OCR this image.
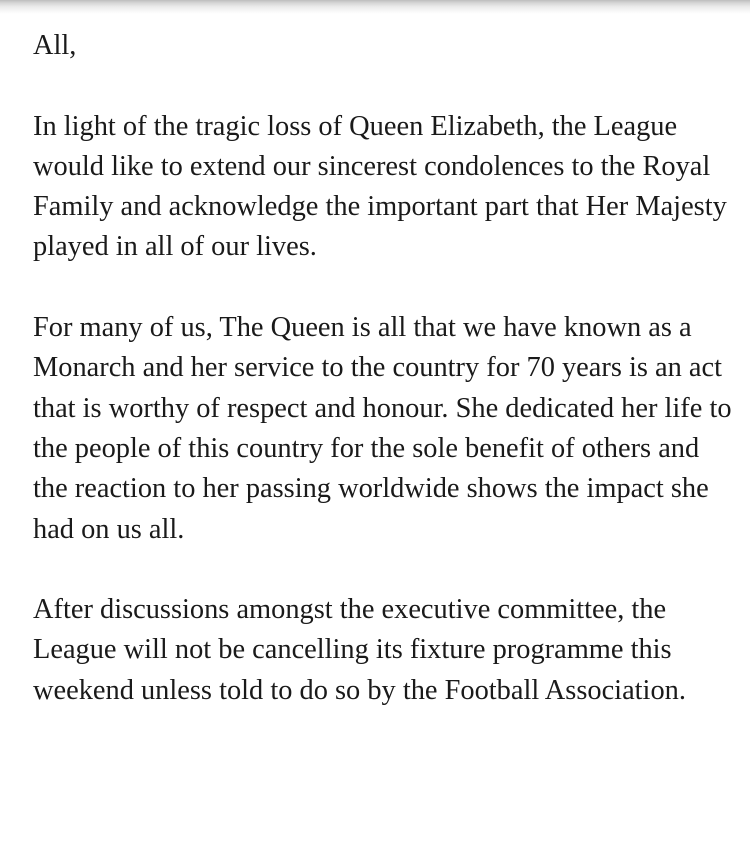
All,

In light of the tragic loss of Queen Elizabeth, the League would like to extend our sincerest condolences to the Royal Family and acknowledge the important part that Her Majesty played in all of our lives.

For many of us, The Queen is all that we have known as a Monarch and her service to the country for 70 years is an act that is worthy of respect and honour. She dedicated her life to the people of this country for the sole benefit of others and the reaction to her passing worldwide shows the impact she had on us all.

After discussions amongst the executive committee, the League will not be cancelling its fixture programme this weekend unless told to do so by the Football Association.
